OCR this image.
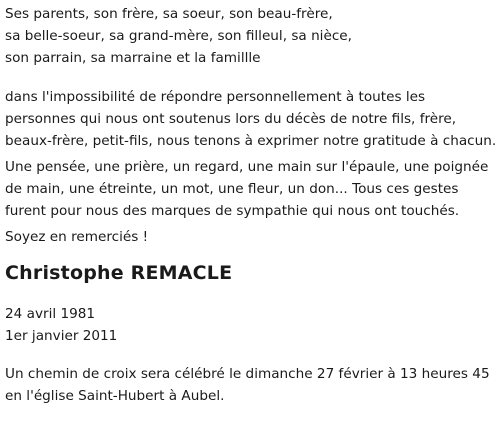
Ses parents, son frère, sa soeur, son beau-frère,
sa belle-soeur, sa grand-mère, son filleul, sa nièce,
son parrain, sa marraine et la famillle

dans l'impossibilité de répondre personnellement à toutes les personnes qui nous ont soutenus lors du décès de notre fils, frère, beaux-frère, petit-fils, nous tenons à exprimer notre gratitude à chacun.

Une pensée, une prière, un regard, une main sur l'épaule, une poignée de main, une étreinte, un mot, une fleur, un don... Tous ces gestes furent pour nous des marques de sympathie qui nous ont touchés.

Soyez en remerciés !

Christophe REMACLE
24 avril 1981
1er janvier 2011

Un chemin de croix sera célébré le dimanche 27 février à 13 heures 45 en l'église Saint-Hubert à Aubel.
